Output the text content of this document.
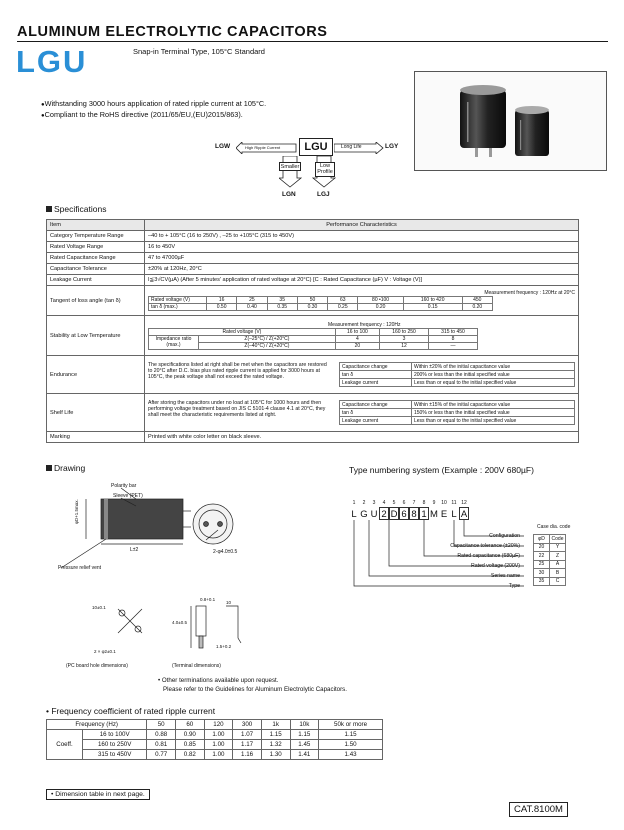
ALUMINUM ELECTROLYTIC CAPACITORS
LGU	Snap-in Terminal Type, 105°C Standard
●Withstanding 3000 hours application of rated ripple current at 105°C.
●Compliant to the RoHS directive (2011/65/EU,(EU)2015/863).
LGW	High Ripple Current	LGU	Long Life	LGY
Smaller	Low Profile
LGN	LGJ
Specifications
Item	Performance Characteristics
Category Temperature Range	–40 to + 105°C (16 to 250V) , –25 to +105°C (315 to 450V)
Rated Voltage Range	16 to 450V
Rated Capacitance Range	47 to 47000µF
Capacitance Tolerance	±20% at 120Hz, 20°C
Leakage Current	I≦3√CV(µA) (After 5 minutes' application of rated voltage at 20°C) [C : Rated Capacitance (µF) V : Voltage (V)]
Tangent of loss angle (tan δ)	
Measurement frequency : 120Hz at 20°C
Rated voltage (V)	16	25	35	50	63	80 •100	160 to 420	450
tan δ (max.)	0.50	0.40	0.35	0.30	0.25	0.20	0.15	0.20

Stability at Low Temperature	
Measurement frequency : 120Hz
Rated voltage (V)	16 to 100	160 to 250	315 to 450

Impedance ratio
(max.)
	Z(–25°C) / Z(+20°C)	4	3	8
Z(–40°C) / Z(+20°C)	20	12	—

Endurance	
The specifications listed at right shall be met when the capacitors are restored to 20°C after D.C. bias plus rated ripple current is applied for 3000 hours at 105°C, the peak voltage shall not exceed the rated voltage.
Capacitance change	Within ±20% of the initial capacitance value
tan δ	200% or less than the initial specified value
Leakage current	Less than or equal to the initial specified value

Shelf Life	
After storing the capacitors under no load at 105°C for 1000 hours and then performing voltage treatment based on JIS C 5101-4 clause 4.1 at 20°C, they shall meet the characteristic requirements listed at right.
Capacitance change	Within ±15% of the initial capacitance value
tan δ	150% or less than the initial specified value
Leakage current	Less than or equal to the initial specified value

Marking	Printed with white color letter on black sleeve.
Drawing
Polarity bar
Sleeve (PET)
φD+1.5max.
L±2	2-φ4.0±0.5
Pressure relief vent
10±0.1
2 × φ2±0.1
(PC board hole dimensions)
0.8+0.1
10
4.0±0.5
1.5+0.2
(Terminal dimensions)
• Other terminations available upon request.
Please refer to the Guidelines for Aluminum Electrolytic Capacitors.
Type numbering system (Example : 200V 680µF)
1 2 3 4 5 6 7 8 9 10 11 12
L G U 2 D 6 8 1 M E L A
Configuration
Capacitance tolerance (±20%)
Rated capacitance (680µF)
Rated voltage (200V)
Series name
Type
Case dia. code
φD	Code
20	Y
22	Z
25	A
30	B
35	C
• Frequency coefficient of rated ripple current
Frequency (Hz)		50	60	120	300	1k	10k	50k or more
Coeff.	16 to 100V	0.88	0.90	1.00	1.07	1.15	1.15	1.15
	160 to 250V	0.81	0.85	1.00	1.17	1.32	1.45	1.50
	315 to 450V	0.77	0.82	1.00	1.16	1.30	1.41	1.43
• Dimension table in next page.
CAT.8100M
